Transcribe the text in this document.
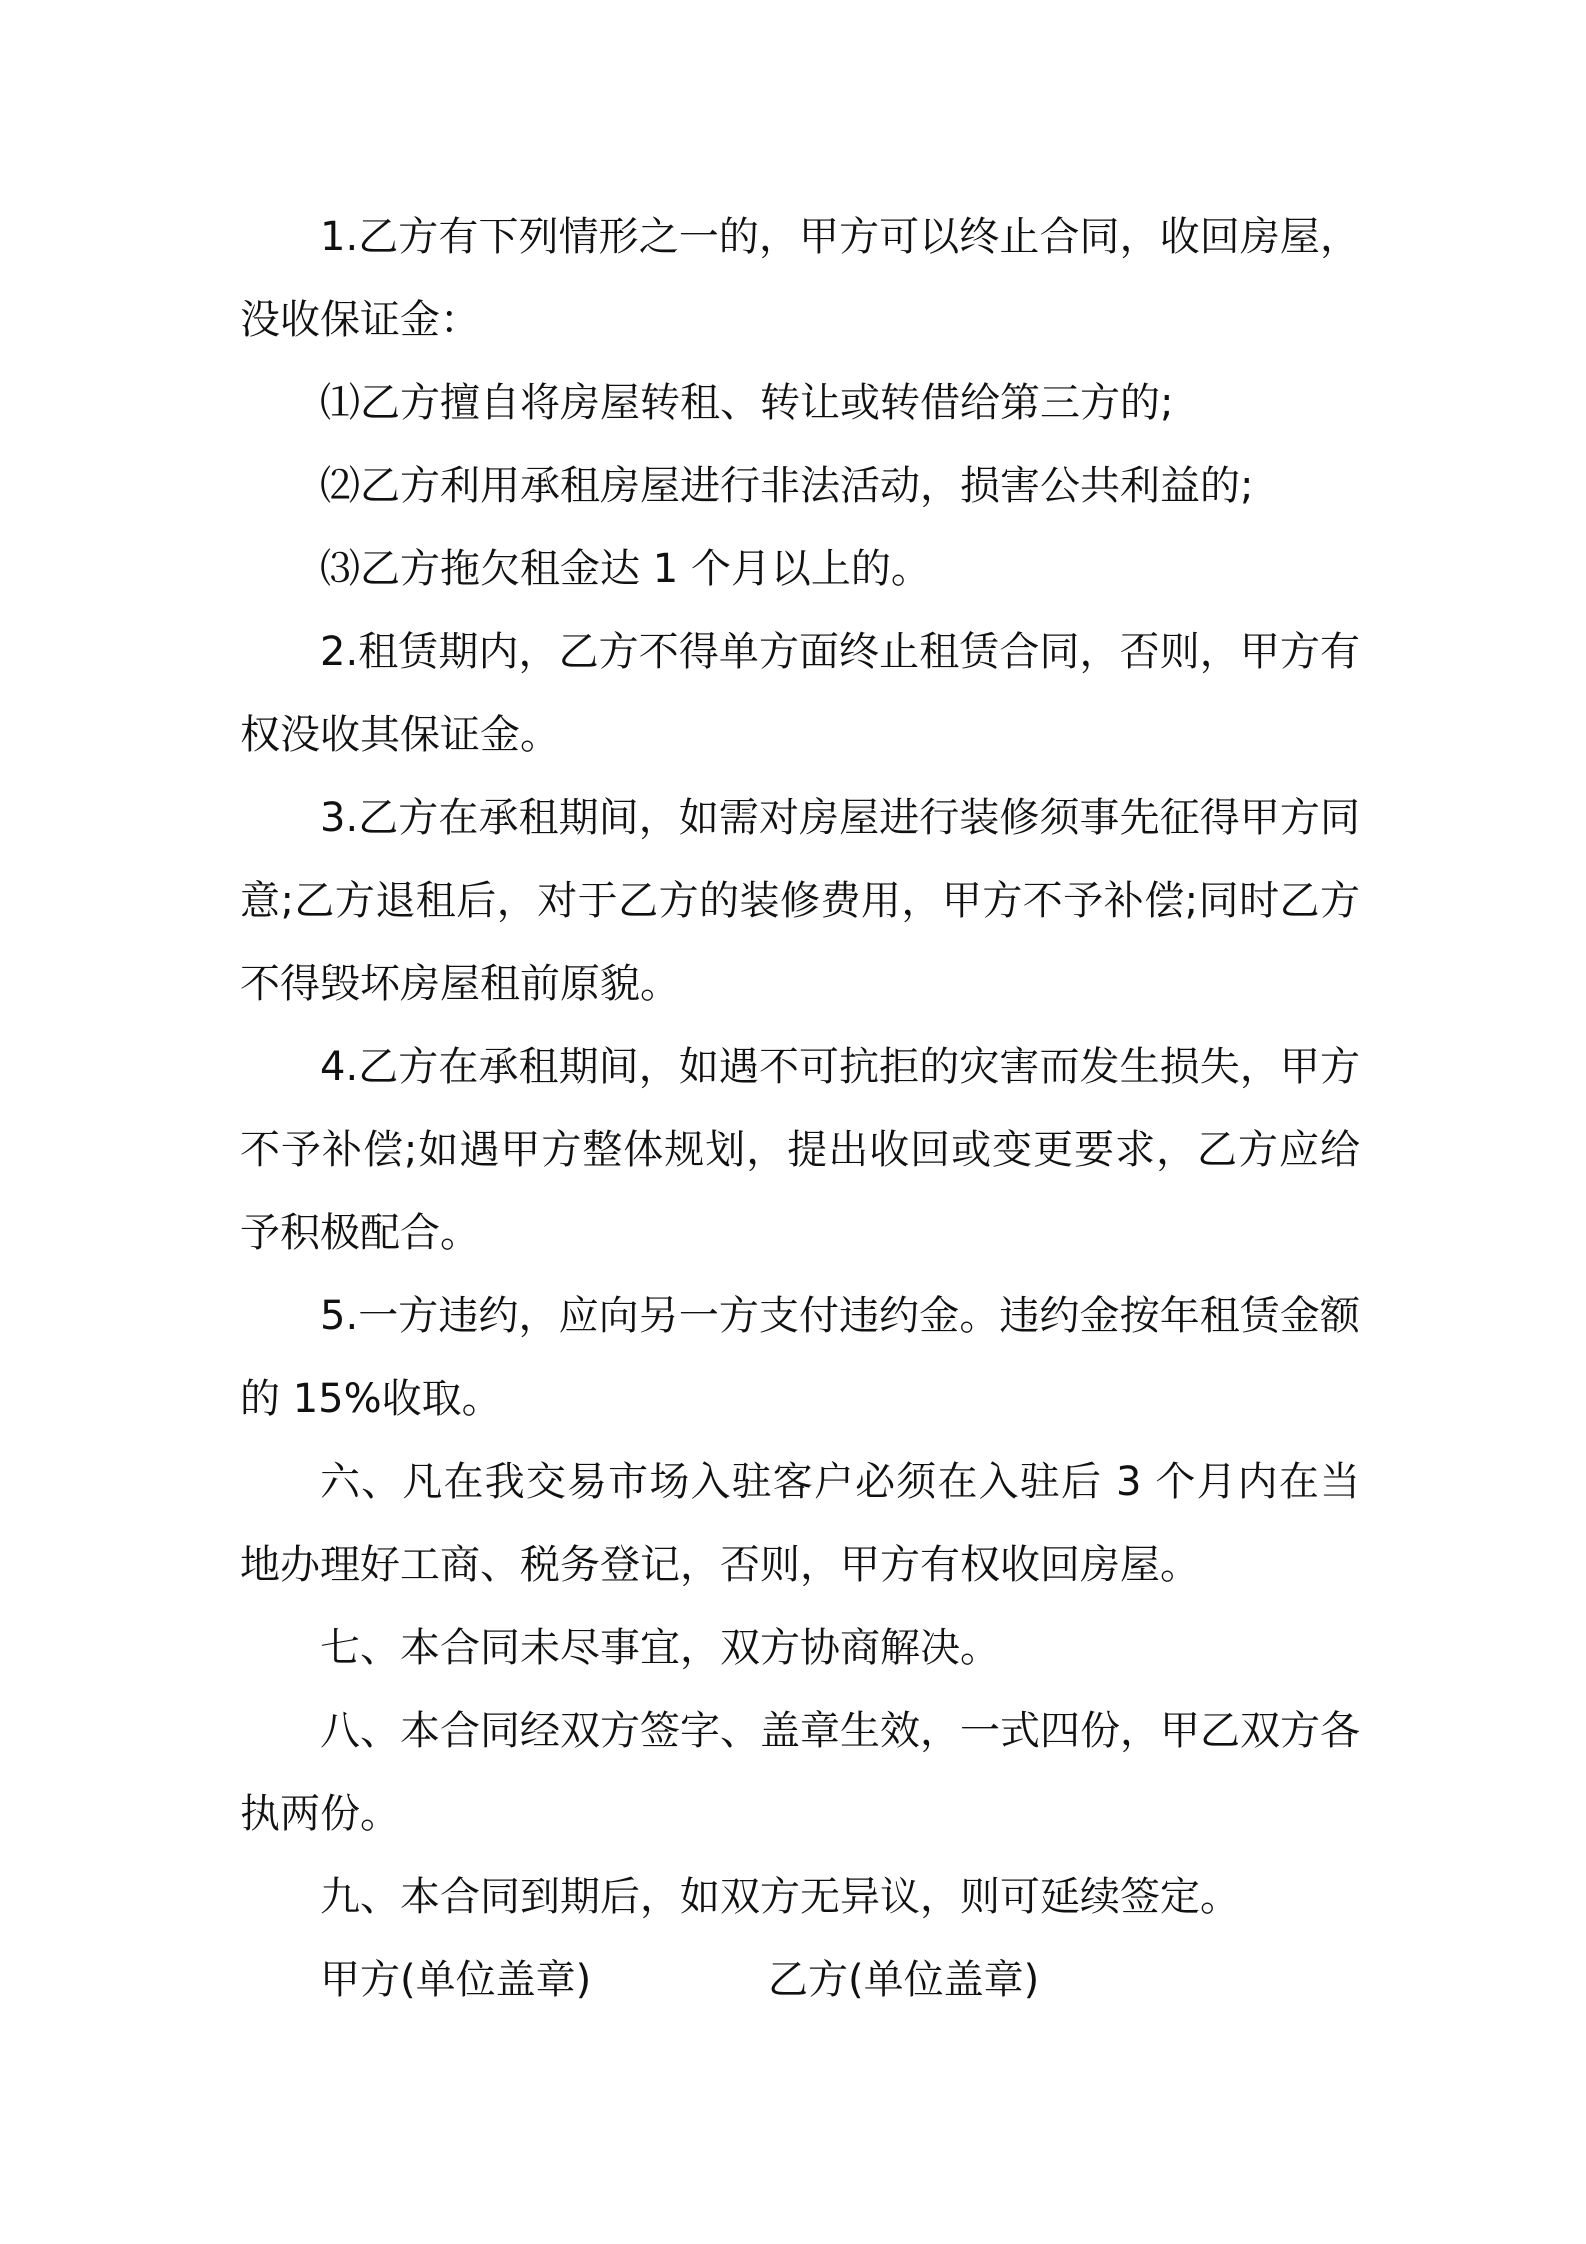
1.乙方有下列情形之一的，甲方可以终止合同，收回房屋，没收保证金：

⑴乙方擅自将房屋转租、转让或转借给第三方的;

⑵乙方利用承租房屋进行非法活动，损害公共利益的;

⑶乙方拖欠租金达 1 个月以上的。

2.租赁期内，乙方不得单方面终止租赁合同，否则，甲方有权没收其保证金。

3.乙方在承租期间，如需对房屋进行装修须事先征得甲方同意;乙方退租后，对于乙方的装修费用，甲方不予补偿;同时乙方不得毁坏房屋租前原貌。

4.乙方在承租期间，如遇不可抗拒的灾害而发生损失，甲方不予补偿;如遇甲方整体规划，提出收回或变更要求，乙方应给予积极配合。

5.一方违约，应向另一方支付违约金。违约金按年租赁金额的 15%收取。

六、凡在我交易市场入驻客户必须在入驻后 3 个月内在当地办理好工商、税务登记，否则，甲方有权收回房屋。

七、本合同未尽事宜，双方协商解决。

八、本合同经双方签字、盖章生效，一式四份，甲乙双方各执两份。

九、本合同到期后，如双方无异议，则可延续签定。

甲方(单位盖章)	乙方(单位盖章)
